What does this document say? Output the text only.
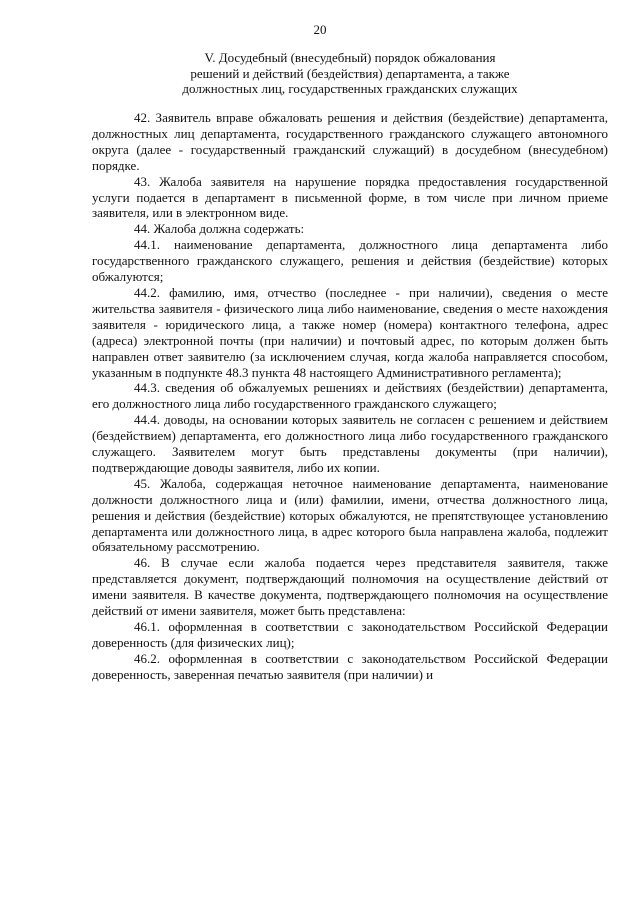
20
V. Досудебный (внесудебный) порядок обжалования
решений и действий (бездействия) департамента, а также
должностных лиц, государственных гражданских служащих

42. Заявитель вправе обжаловать решения и действия (бездействие) департамента, должностных лиц департамента, государственного гражданского служащего автономного округа (далее - государственный гражданский служащий) в досудебном (внесудебном) порядке.

43. Жалоба заявителя на нарушение порядка предоставления государственной услуги подается в департамент в письменной форме, в том числе при личном приеме заявителя, или в электронном виде.

44. Жалоба должна содержать:

44.1. наименование департамента, должностного лица департамента либо государственного гражданского служащего, решения и действия (бездействие) которых обжалуются;

44.2. фамилию, имя, отчество (последнее - при наличии), сведения о месте жительства заявителя - физического лица либо наименование, сведения о месте нахождения заявителя - юридического лица, а также номер (номера) контактного телефона, адрес (адреса) электронной почты (при наличии) и почтовый адрес, по которым должен быть направлен ответ заявителю (за исключением случая, когда жалоба направляется способом, указанным в подпункте 48.3 пункта 48 настоящего Административного регламента);

44.3. сведения об обжалуемых решениях и действиях (бездействии) департамента, его должностного лица либо государственного гражданского служащего;

44.4. доводы, на основании которых заявитель не согласен с решением и действием (бездействием) департамента, его должностного лица либо государственного гражданского служащего. Заявителем могут быть представлены документы (при наличии), подтверждающие доводы заявителя, либо их копии.

45. Жалоба, содержащая неточное наименование департамента, наименование должности должностного лица и (или) фамилии, имени, отчества должностного лица, решения и действия (бездействие) которых обжалуются, не препятствующее установлению департамента или должностного лица, в адрес которого была направлена жалоба, подлежит обязательному рассмотрению.

46. В случае если жалоба подается через представителя заявителя, также представляется документ, подтверждающий полномочия на осуществление действий от имени заявителя. В качестве документа, подтверждающего полномочия на осуществление действий от имени заявителя, может быть представлена:

46.1. оформленная в соответствии с законодательством Российской Федерации доверенность (для физических лиц);

46.2. оформленная в соответствии с законодательством Российской Федерации доверенность, заверенная печатью заявителя (при наличии) и
